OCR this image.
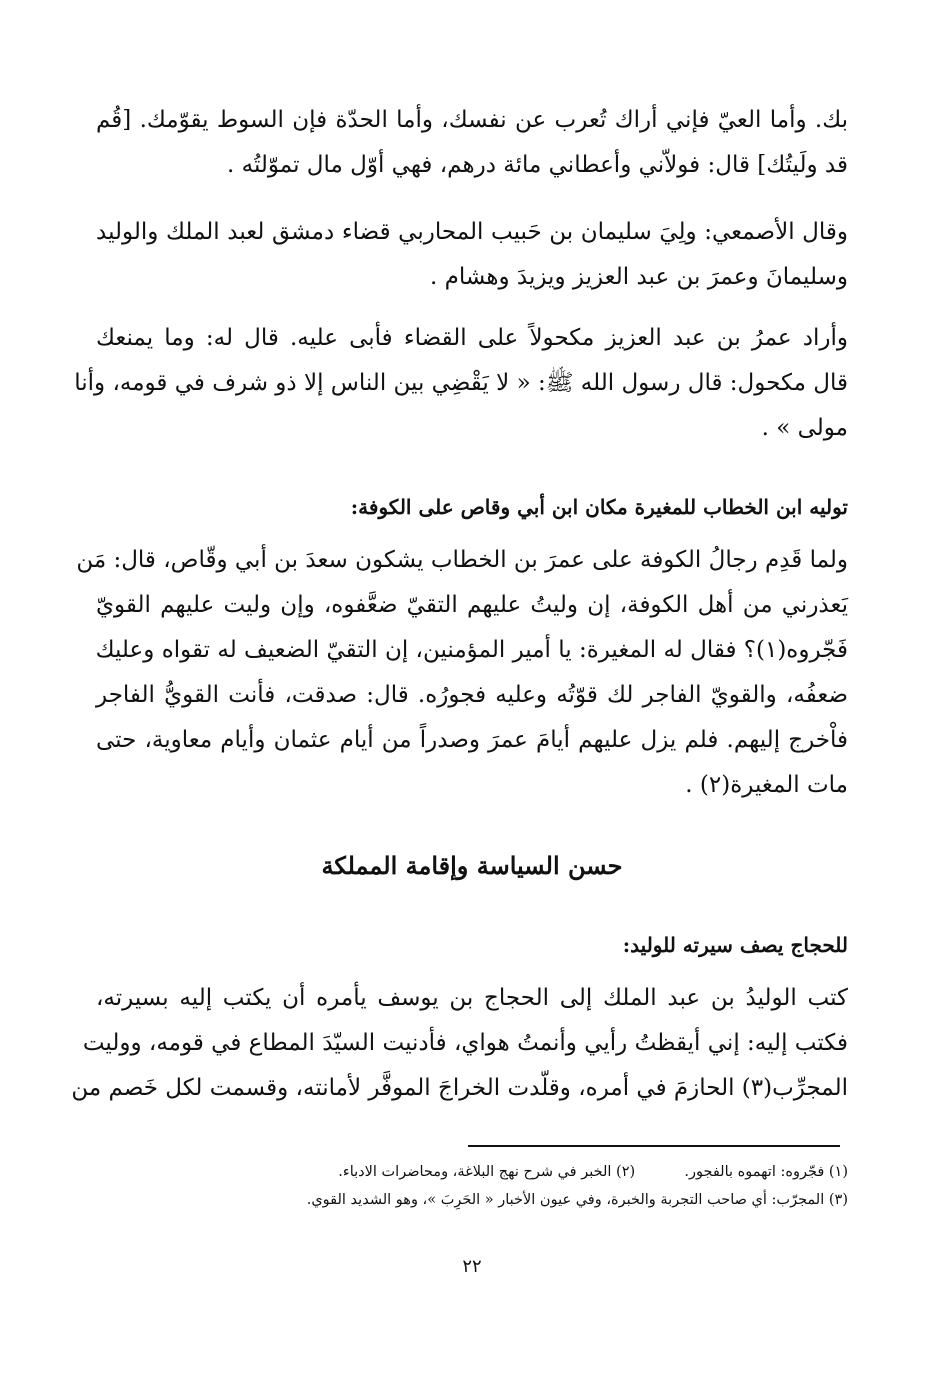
بك. وأما العيّ فإني أراك تُعرب عن نفسك، وأما الحدّة فإن السوط يقوّمك. [قُم
قد ولَيتُك] قال: فولاّني وأعطاني مائة درهم، فهي أوّل مال تموّلتُه .

وقال الأصمعي: ولِيَ سليمان بن حَبيب المحاربي قضاء دمشق لعبد الملك والوليد
وسليمانَ وعمرَ بن عبد العزيز ويزيدَ وهشام .

وأراد عمرُ بن عبد العزيز مكحولاً على القضاء فأبى عليه. قال له: وما يمنعك
قال مكحول: قال رسول الله ﷺ: « لا يَقْضِي بين الناس إلا ذو شرف في قومه، وأنا
مولى » .

توليه ابن الخطاب للمغيرة مكان ابن أبي وقاص على الكوفة:

ولما قَدِم رجالُ الكوفة على عمرَ بن الخطاب يشكون سعدَ بن أبي وقّاص، قال: مَن
يَعذرني من أهل الكوفة، إن وليتُ عليهم التقيّ ضعَّفوه، وإن وليت عليهم القويّ
فَجّروه(١)؟ فقال له المغيرة: يا أمير المؤمنين، إن التقيّ الضعيف له تقواه وعليك
ضعفُه، والقويّ الفاجر لك قوّتُه وعليه فجورُه. قال: صدقت، فأنت القويُّ الفاجر
فاْخرج إليهم. فلم يزل عليهم أيامَ عمرَ وصدراً من أيام عثمان وأيام معاوية، حتى
مات المغيرة(٢) .

حسن السياسة وإقامة المملكة
للحجاج يصف سيرته للوليد:

كتب الوليدُ بن عبد الملك إلى الحجاج بن يوسف يأمره أن يكتب إليه بسيرته،
فكتب إليه: إني أيقظتُ رأيي وأنمتُ هواي، فأدنيت السيّدَ المطاع في قومه، ووليت
المجرِّب(٣) الحازمَ في أمره، وقلّدت الخراجَ الموفَّر لأمانته، وقسمت لكل خَصم من

(١) فجّروه: اتهموه بالفجور.  (٢) الخبر في شرح نهج البلاغة، ومحاضرات الادباء.
(٣) المجرّب: أي صاحب التجربة والخبرة، وفي عيون الأخبار « الحَرِبَ »، وهو الشديد القوي.
٢٢
